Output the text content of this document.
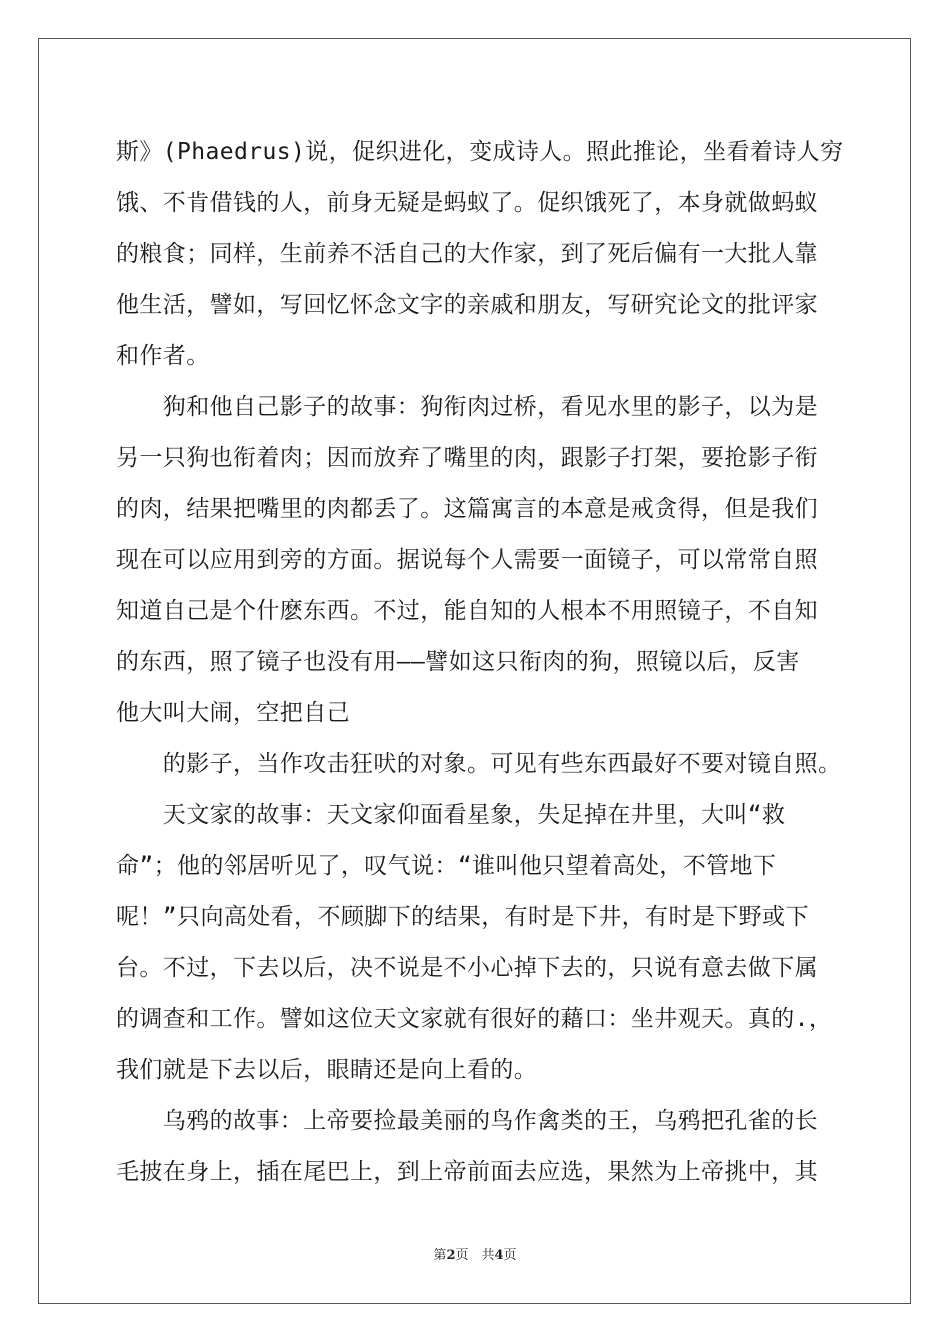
斯》(Phaedrus)说，促织进化，变成诗人。照此推论，坐看着诗人穷
饿、不肯借钱的人，前身无疑是蚂蚁了。促织饿死了，本身就做蚂蚁
的粮食；同样，生前养不活自己的大作家，到了死后偏有一大批人靠
他生活，譬如，写回忆怀念文字的亲戚和朋友，写研究论文的批评家
和作者。
　　狗和他自己影子的故事：狗衔肉过桥，看见水里的影子，以为是
另一只狗也衔着肉；因而放弃了嘴里的肉，跟影子打架，要抢影子衔
的肉，结果把嘴里的肉都丢了。这篇寓言的本意是戒贪得，但是我们
现在可以应用到旁的方面。据说每个人需要一面镜子，可以常常自照
知道自己是个什麽东西。不过，能自知的人根本不用照镜子，不自知
的东西，照了镜子也没有用——譬如这只衔肉的狗，照镜以后，反害
他大叫大闹，空把自己
　　的影子，当作攻击狂吠的对象。可见有些东西最好不要对镜自照。
　　天文家的故事：天文家仰面看星象，失足掉在井里，大叫“救
命”；他的邻居听见了，叹气说：“谁叫他只望着高处，不管地下
呢！”只向高处看，不顾脚下的结果，有时是下井，有时是下野或下
台。不过，下去以后，决不说是不小心掉下去的，只说有意去做下属
的调查和工作。譬如这位天文家就有很好的藉口：坐井观天。真的.，
我们就是下去以后，眼睛还是向上看的。
　　乌鸦的故事：上帝要捡最美丽的鸟作禽类的王，乌鸦把孔雀的长
毛披在身上，插在尾巴上，到上帝前面去应选，果然为上帝挑中，其
第2页　共4页
